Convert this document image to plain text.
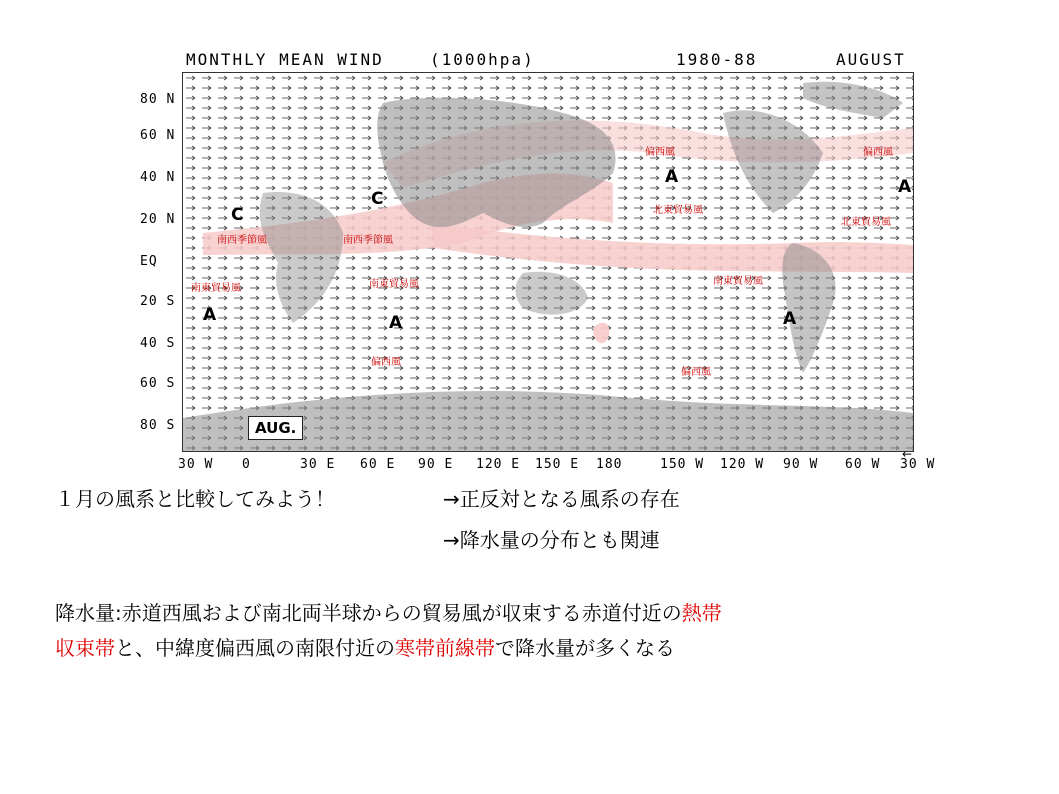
MONTHLY MEAN WIND	(1000hpa)	1980-88	AUGUST
80 N
60 N
40 N
20 N
EQ
20 S
40 S
60 S
80 S
偏西風	偏西風
北東貿易風
北東貿易風
南西季節風	南西季節風
南東貿易風	南東貿易風	南東貿易風
偏西風
偏西風
C
C
A	A
A	A	A
AUG.
30 W 0	30 E 60 E 90 E 120 E 150 E 180	150 W 120 W 90 W 60 W 30 W
←
１月の風系と比較してみよう！	→正反対となる風系の存在
→降水量の分布とも関連
降水量:赤道西風および南北両半球からの貿易風が収束する赤道付近の熱帯
収束帯と、中緯度偏西風の南限付近の寒帯前線帯で降水量が多くなる
